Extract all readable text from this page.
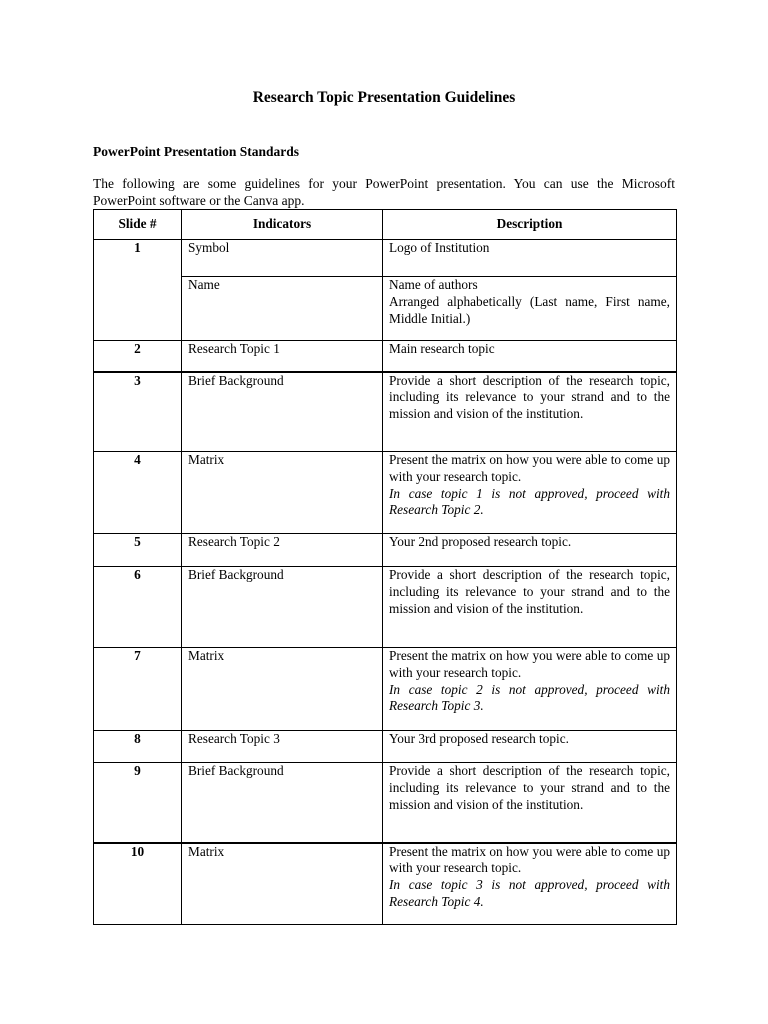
Research Topic Presentation Guidelines
PowerPoint Presentation Standards

The following are some guidelines for your PowerPoint presentation. You can use the Microsoft PowerPoint software or the Canva app.

Slide #	Indicators	Description
1	Symbol	Logo of Institution
	Name	Name of authors
Arranged alphabetically (Last name, First name, Middle Initial.)

2	Research Topic 1	Main research topic
3	Brief Background	Provide a short description of the research topic, including its relevance to your strand and to the mission and vision of the institution.
4	Matrix	Present the matrix on how you were able to come up with your research topic.
In case topic 1 is not approved, proceed with Research Topic 2.

5	Research Topic 2	Your 2nd proposed research topic.
6	Brief Background	Provide a short description of the research topic, including its relevance to your strand and to the mission and vision of the institution.
7	Matrix	Present the matrix on how you were able to come up with your research topic.
In case topic 2 is not approved, proceed with Research Topic 3.

8	Research Topic 3	Your 3rd proposed research topic.
9	Brief Background	Provide a short description of the research topic, including its relevance to your strand and to the mission and vision of the institution.
10	Matrix	Present the matrix on how you were able to come up with your research topic.
In case topic 3 is not approved, proceed with Research Topic 4.
